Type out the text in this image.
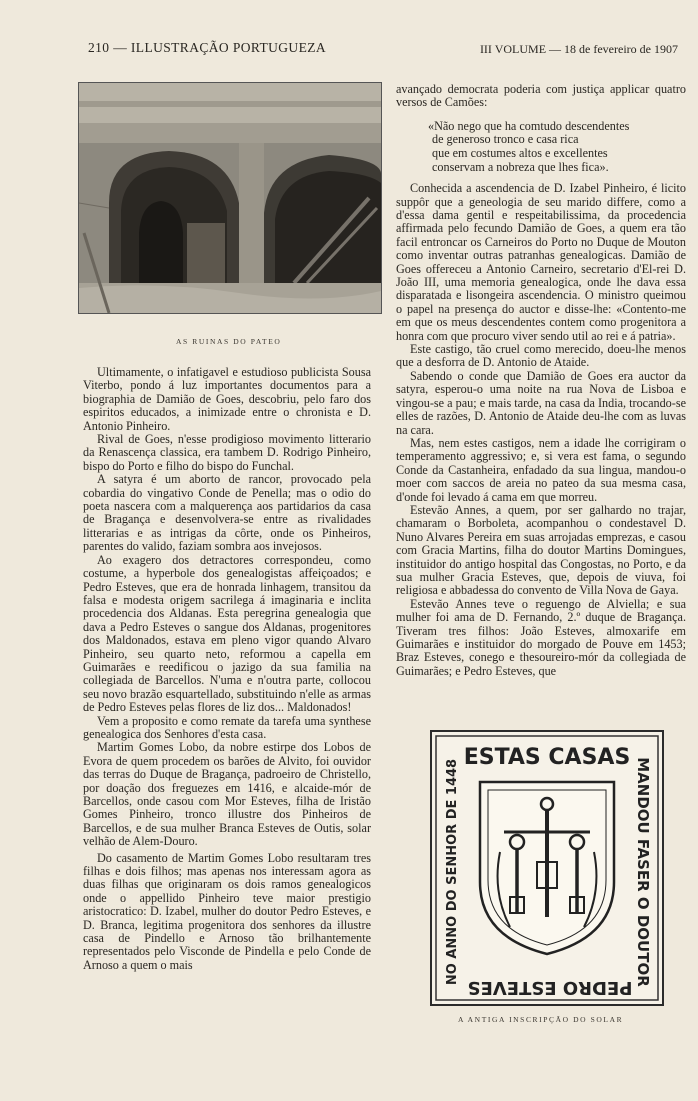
210 — ILLUSTRAÇÃO PORTUGUEZA	III VOLUME — 18 de fevereiro de 1907
AS RUINAS DO PATEO

Ultimamente, o infatigavel e estudioso publicista Sousa Viterbo, pondo á luz importantes documentos para a biographia de Damião de Goes, descobriu, pelo faro dos espiritos educados, a inimizade entre o chronista e D. Antonio Pinheiro.

Rival de Goes, n'esse prodigioso movimento litterario da Renascença classica, era tambem D. Rodrigo Pinheiro, bispo do Porto e filho do bispo do Funchal.

A satyra é um aborto de rancor, provocado pela cobardia do vingativo Conde de Penella; mas o odio do poeta nascera com a malquerença aos partidarios da casa de Bragança e desenvolvera-se entre as rivalidades litterarias e as intrigas da côrte, onde os Pinheiros, parentes do valido, faziam sombra aos invejosos.

Ao exagero dos detractores correspondeu, como costume, a hyperbole dos genealogistas affeiçoados; e Pedro Esteves, que era de honrada linhagem, transitou da falsa e modesta origem sacrilega á imaginaria e inclita procedencia dos Aldanas. Esta peregrina genealogia que dava a Pedro Esteves o sangue dos Aldanas, progenitores dos Maldonados, estava em pleno vigor quando Alvaro Pinheiro, seu quarto neto, reformou a capella em Guimarães e reedificou o jazigo da sua familia na collegiada de Barcellos. N'uma e n'outra parte, collocou seu novo brazão esquartellado, substituindo n'elle as armas de Pedro Esteves pelas flores de liz dos... Maldonados!

Vem a proposito e como remate da tarefa uma synthese genealogica dos Senhores d'esta casa.

Martim Gomes Lobo, da nobre estirpe dos Lobos de Evora de quem procedem os barões de Alvito, foi ouvidor das terras do Duque de Bragança, padroeiro de Christello, por doação dos freguezes em 1416, e alcaide-mór de Barcellos, onde casou com Mor Esteves, filha de Iristão Gomes Pinheiro, tronco illustre dos Pinheiros de Barcellos, e de sua mulher Branca Esteves de Outis, solar velhão de Alem-Douro.

Do casamento de Martim Gomes Lobo resultaram tres filhas e dois filhos; mas apenas nos interessam agora as duas filhas que originaram os dois ramos genealogicos onde o appellido Pinheiro teve maior prestigio aristocratico: D. Izabel, mulher do doutor Pedro Esteves, e D. Branca, legitima progenitora dos senhores da illustre casa de Pindello e Arnoso tão brilhantemente representados pelo Visconde de Pindella e pelo Conde de Arnoso a quem o mais

avançado democrata poderia com justiça applicar quatro versos de Camões:

«Não nego que ha comtudo descendentes
de generoso tronco e casa rica
que em costumes altos e excellentes
conservam a nobreza que lhes fica».

Conhecida a ascendencia de D. Izabel Pinheiro, é licito suppôr que a geneologia de seu marido differe, como a d'essa dama gentil e respeitabilissima, da procedencia affirmada pelo fecundo Damião de Goes, a quem era tão facil entroncar os Carneiros do Porto no Duque de Mouton como inventar outras patranhas genealogicas. Damião de Goes offereceu a Antonio Carneiro, secretario d'El-rei D. João III, uma memoria genealogica, onde lhe dava essa disparatada e lisongeira ascendencia. O ministro queimou o papel na presença do auctor e disse-lhe: «Contento-me em que os meus descendentes contem como progenitora a honra com que procuro viver sendo util ao rei e á patria».

Este castigo, tão cruel como merecido, doeu-lhe menos que a desforra de D. Antonio de Ataide.

Sabendo o conde que Damião de Goes era auctor da satyra, esperou-o uma noite na rua Nova de Lisboa e vingou-se a pau; e mais tarde, na casa da India, trocando-se elles de razões, D. Antonio de Ataide deu-lhe com as luvas na cara.

Mas, nem estes castigos, nem a idade lhe corrigiram o temperamento aggressivo; e, si vera est fama, o segundo Conde da Castanheira, enfadado da sua lingua, mandou-o moer com saccos de areia no pateo da sua mesma casa, d'onde foi levado á cama em que morreu.

Estevão Annes, a quem, por ser galhardo no trajar, chamaram o Borboleta, acompanhou o condestavel D. Nuno Alvares Pereira em suas arrojadas emprezas, e casou com Gracia Martins, filha do doutor Martins Domingues, instituidor do antigo hospital das Congostas, no Porto, e da sua mulher Gracia Esteves, que, depois de viuva, foi religiosa e abbadessa do convento de Villa Nova de Gaya.

Estevão Annes teve o reguengo de Alviella; e sua mulher foi ama de D. Fernando, 2.º duque de Bragança. Tiveram tres filhos: João Esteves, almoxarife em Guimarães e instituidor do morgado de Pouve em 1453; Braz Esteves, conego e thesoureiro-mór da collegiada de Guimarães; e Pedro Esteves, que

ESTAS CASAS MANDOU FASER O DOUTOR
PEDRO ESTEVES
NO ANNO DO SENHOR DE 1448
A ANTIGA INSCRIPÇÃO DO SOLAR
